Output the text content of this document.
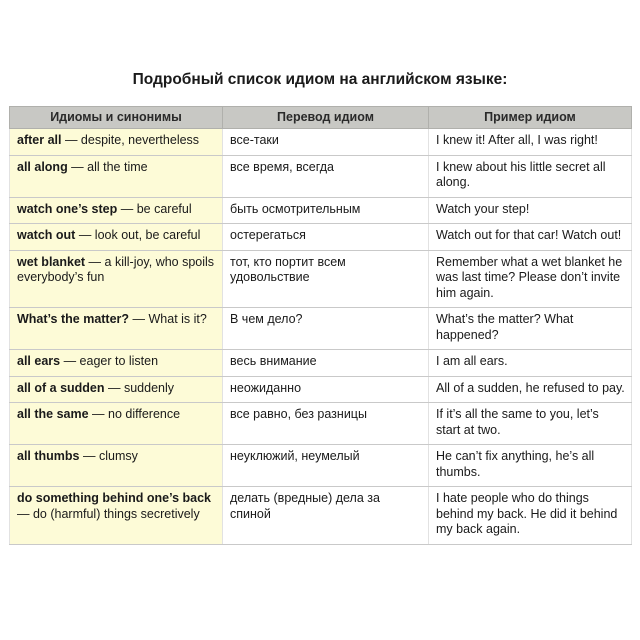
Подробный список идиом на английском языке:
Идиомы и синонимы	Перевод идиом	Пример идиом
after all — despite, nevertheless	все-таки	I knew it! After all, I was right!
all along — all the time	все время, всегда	I knew about his little secret all along.
watch one’s step — be careful	быть осмотрительным	Watch your step!
watch out — look out, be careful	остерегаться	Watch out for that car! Watch out!
wet blanket — a kill-joy, who spoils everybody’s fun	тот, кто портит всем удовольствие	Remember what a wet blanket he was last time? Please don’t invite him again.
What’s the matter? — What is it?	В чем дело?	What’s the matter? What happened?
all ears — eager to listen	весь внимание	I am all ears.
all of a sudden — suddenly	неожиданно	All of a sudden, he refused to pay.
all the same — no difference	все равно, без разницы	If it’s all the same to you, let’s start at two.
all thumbs — clumsy	неуклюжий, неумелый	He can’t fix anything, he’s all thumbs.
do something behind one’s back — do (harmful) things secretively	делать (вредные) дела за спиной	I hate people who do things behind my back. He did it behind my back again.
